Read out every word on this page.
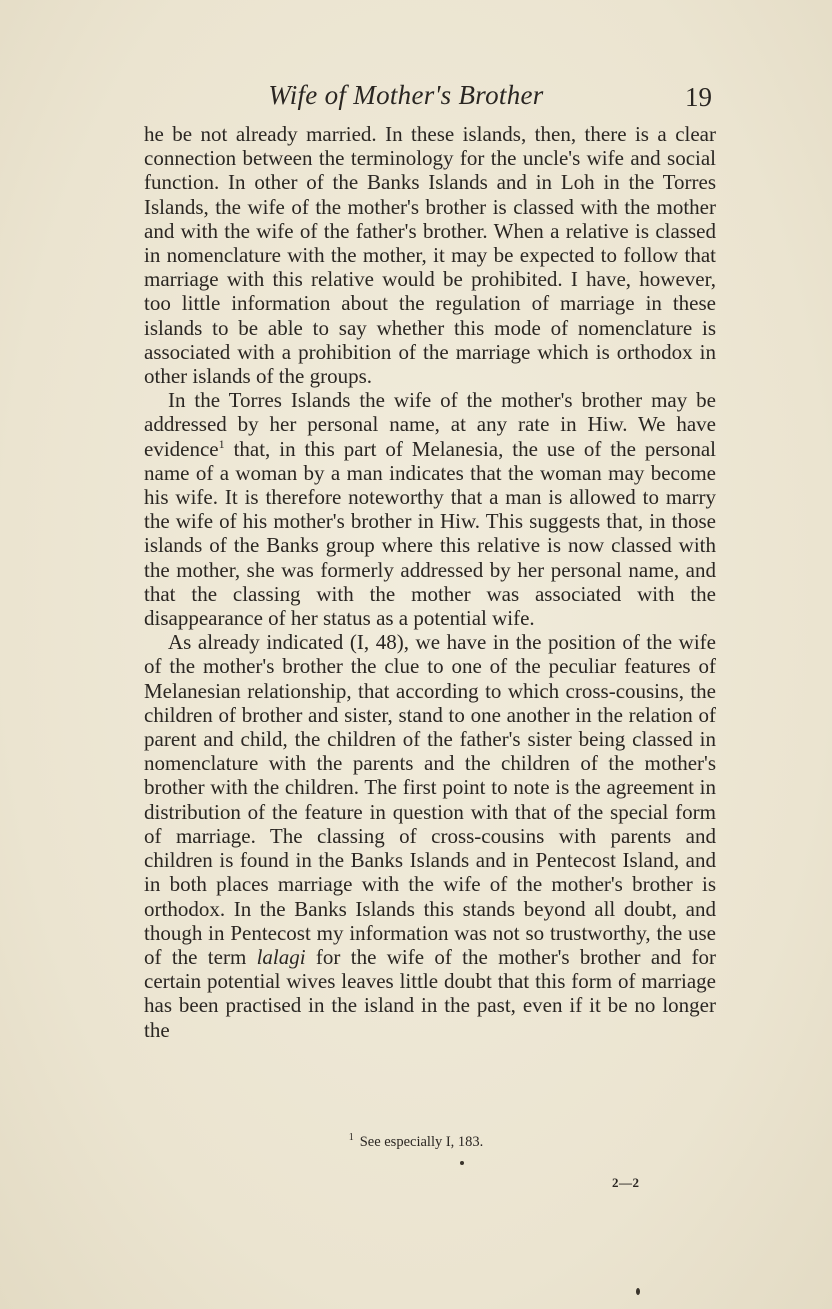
Wife of Mother's Brother	19

he be not already married. In these islands, then, there is a clear connection between the terminology for the uncle's wife and social function. In other of the Banks Islands and in Loh in the Torres Islands, the wife of the mother's brother is classed with the mother and with the wife of the father's brother. When a relative is classed in nomenclature with the mother, it may be expected to follow that marriage with this relative would be prohibited. I have, however, too little information about the regulation of marriage in these islands to be able to say whether this mode of nomenclature is associated with a prohibition of the marriage which is orthodox in other islands of the groups.

In the Torres Islands the wife of the mother's brother may be addressed by her personal name, at any rate in Hiw. We have evidence$^1$ that, in this part of Melanesia, the use of the personal name of a woman by a man indicates that the woman may become his wife. It is therefore noteworthy that a man is allowed to marry the wife of his mother's brother in Hiw. This suggests that, in those islands of the Banks group where this relative is now classed with the mother, she was formerly addressed by her personal name, and that the classing with the mother was associated with the disappearance of her status as a potential wife.

As already indicated (I, 48), we have in the position of the wife of the mother's brother the clue to one of the peculiar features of Melanesian relationship, that according to which cross-cousins, the children of brother and sister, stand to one another in the relation of parent and child, the children of the father's sister being classed in nomenclature with the parents and the children of the mother's brother with the children. The first point to note is the agreement in distribution of the feature in question with that of the special form of marriage. The classing of cross-cousins with parents and children is found in the Banks Islands and in Pentecost Island, and in both places marriage with the wife of the mother's brother is orthodox. In the Banks Islands this stands beyond all doubt, and though in Pentecost my information was not so trustworthy, the use of the term lalagi for the wife of the mother's brother and for certain potential wives leaves little doubt that this form of marriage has been practised in the island in the past, even if it be no longer the

$^1$ See especially I, 183.
2—2
